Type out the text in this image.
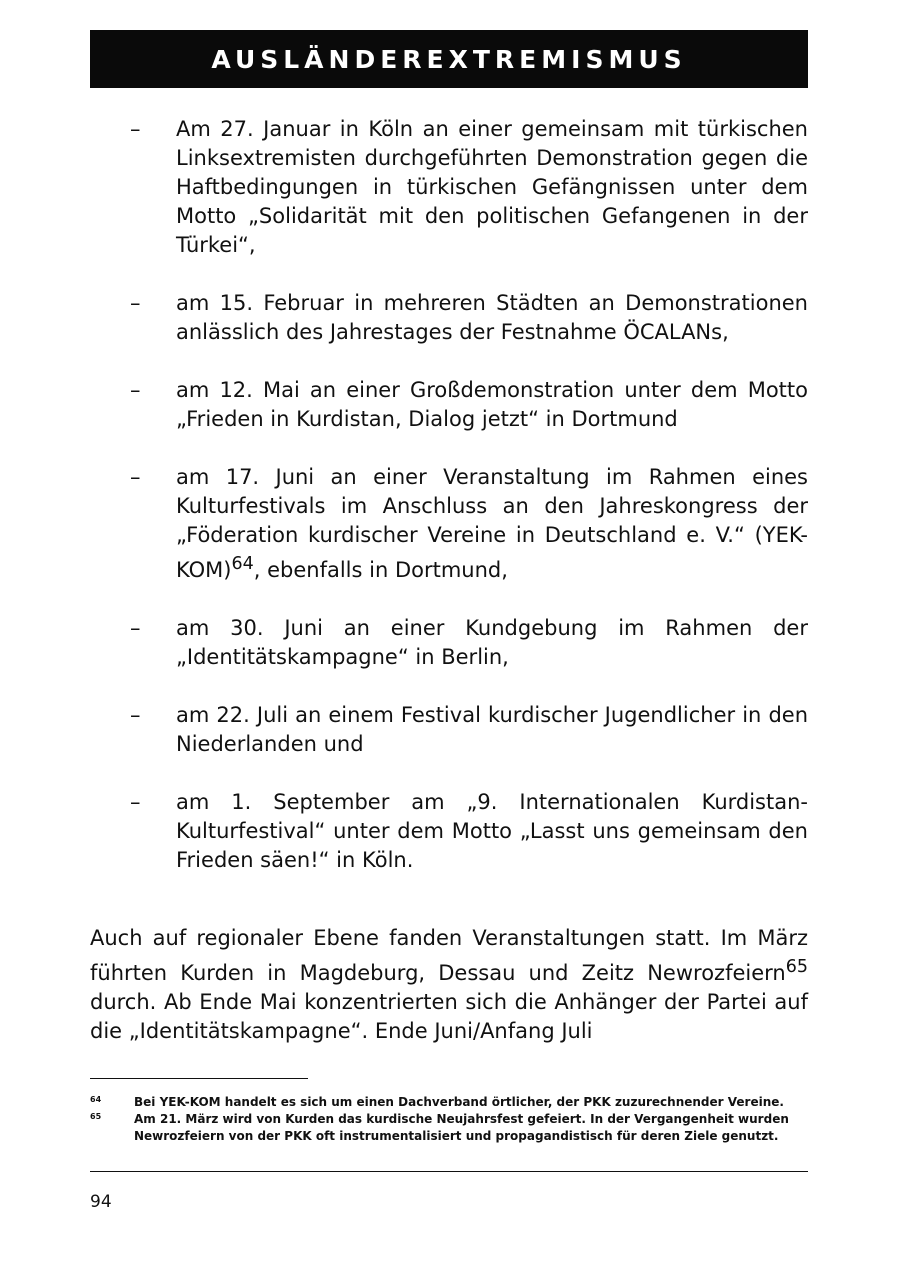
AUSLÄNDEREXTREMISMUS
– Am 27. Januar in Köln an einer gemeinsam mit türkischen Linksextremisten durchgeführten Demonstration gegen die Haftbedingungen in türkischen Gefängnissen unter dem Motto „Solidarität mit den politischen Gefangenen in der Türkei“,
– am 15. Februar in mehreren Städten an Demonstrationen anlässlich des Jahrestages der Festnahme ÖCALANs,
– am 12. Mai an einer Großdemonstration unter dem Motto „Frieden in Kurdistan, Dialog jetzt“ in Dortmund
– am 17. Juni an einer Veranstaltung im Rahmen eines Kulturfestivals im Anschluss an den Jahreskongress der „Föderation kurdischer Vereine in Deutschland e. V.“ $(YEK-KOM)^{64}$, ebenfalls in Dortmund,
– am 30. Juni an einer Kundgebung im Rahmen der „Identitätskampagne“ in Berlin,
– am 22. Juli an einem Festival kurdischer Jugendlicher in den Niederlanden und
– am 1. September am „9. Internationalen Kurdistan-Kulturfestival“ unter dem Motto „Lasst uns gemeinsam den Frieden säen!“ in Köln.

Auch auf regionaler Ebene fanden Veranstaltungen statt. Im März führten Kurden in Magdeburg, Dessau und Zeitz Newrozfeiern$^{65}$ durch. Ab Ende Mai konzentrierten sich die Anhänger der Partei auf die „Identitätskampagne“. Ende Juni/Anfang Juli

64	Bei YEK-KOM handelt es sich um einen Dachverband örtlicher, der PKK zuzurechnender Vereine.

65	Am 21. März wird von Kurden das kurdische Neujahrsfest gefeiert. In der Vergangenheit wurden Newrozfeiern von der PKK oft instrumentalisiert und propagandistisch für deren Ziele genutzt.

94
